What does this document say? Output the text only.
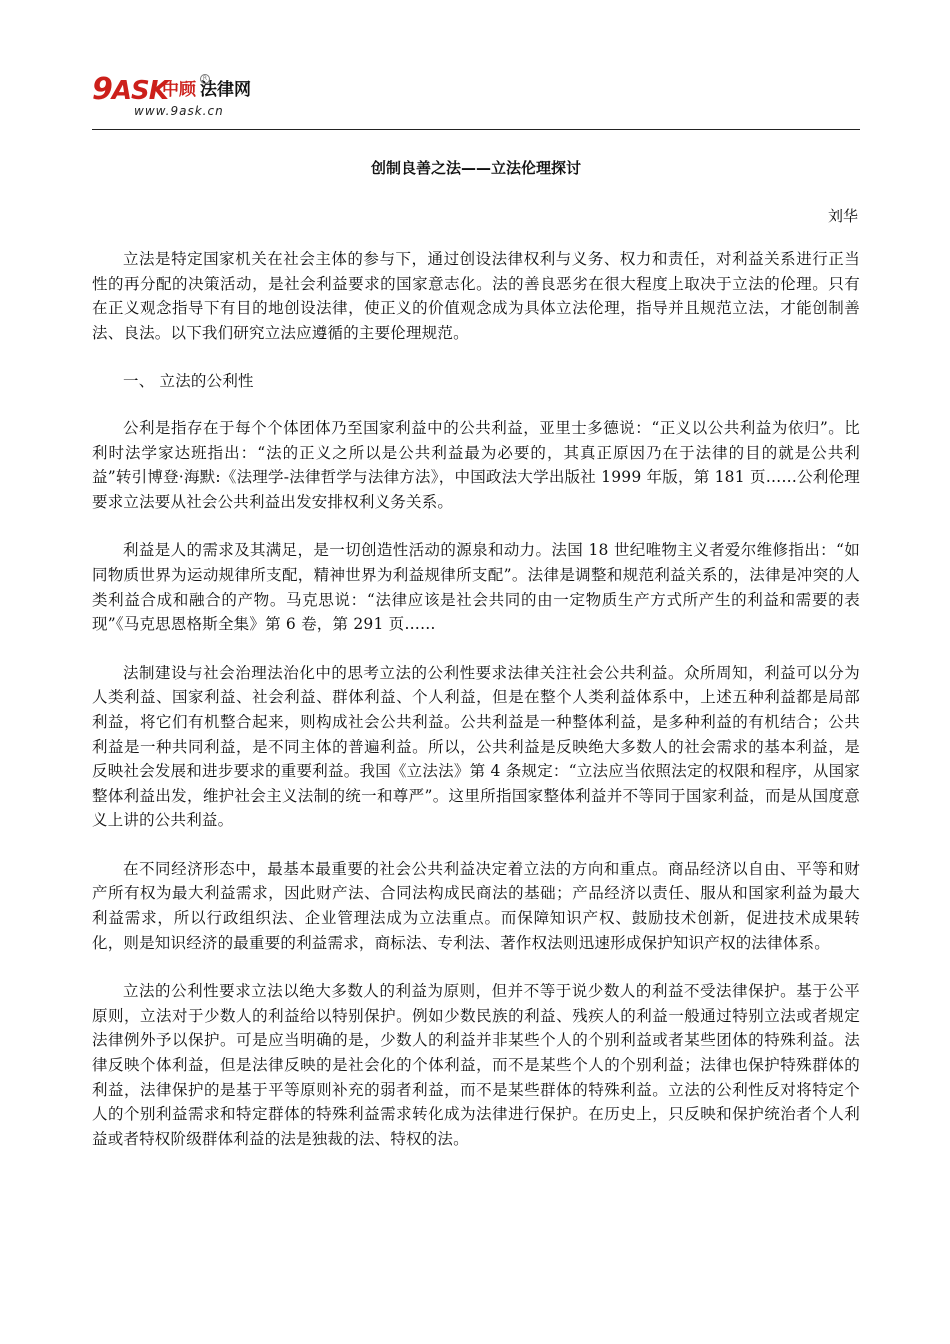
9ASK
中顾 法律网
R
www.9ask.cn
创制良善之法——立法伦理探讨
刘华

立法是特定国家机关在社会主体的参与下，通过创设法律权利与义务、权力和责任，对利益关系进行正当性的再分配的决策活动，是社会利益要求的国家意志化。法的善良恶劣在很大程度上取决于立法的伦理。只有在正义观念指导下有目的地创设法律，使正义的价值观念成为具体立法伦理，指导并且规范立法，才能创制善法、良法。以下我们研究立法应遵循的主要伦理规范。

一、 立法的公利性

公利是指存在于每个个体团体乃至国家利益中的公共利益，亚里士多德说：“正义以公共利益为依归”。比利时法学家达班指出：“法的正义之所以是公共利益最为必要的，其真正原因乃在于法律的目的就是公共利益”转引博登·海默:《法理学-法律哲学与法律方法》，中国政法大学出版社 1999 年版，第 181 页……公利伦理要求立法要从社会公共利益出发安排权利义务关系。

利益是人的需求及其满足，是一切创造性活动的源泉和动力。法国 18 世纪唯物主义者爱尔维修指出：“如同物质世界为运动规律所支配，精神世界为利益规律所支配”。法律是调整和规范利益关系的，法律是冲突的人类利益合成和融合的产物。马克思说：“法律应该是社会共同的由一定物质生产方式所产生的利益和需要的表现”《马克思恩格斯全集》第 6 卷，第 291 页……

法制建设与社会治理法治化中的思考立法的公利性要求法律关注社会公共利益。众所周知，利益可以分为人类利益、国家利益、社会利益、群体利益、个人利益，但是在整个人类利益体系中，上述五种利益都是局部利益，将它们有机整合起来，则构成社会公共利益。公共利益是一种整体利益，是多种利益的有机结合；公共利益是一种共同利益，是不同主体的普遍利益。所以，公共利益是反映绝大多数人的社会需求的基本利益，是反映社会发展和进步要求的重要利益。我国《立法法》第 4 条规定：“立法应当依照法定的权限和程序，从国家整体利益出发，维护社会主义法制的统一和尊严”。这里所指国家整体利益并不等同于国家利益，而是从国度意义上讲的公共利益。

在不同经济形态中，最基本最重要的社会公共利益决定着立法的方向和重点。商品经济以自由、平等和财产所有权为最大利益需求，因此财产法、合同法构成民商法的基础；产品经济以责任、服从和国家利益为最大利益需求，所以行政组织法、企业管理法成为立法重点。而保障知识产权、鼓励技术创新，促进技术成果转化，则是知识经济的最重要的利益需求，商标法、专利法、著作权法则迅速形成保护知识产权的法律体系。

立法的公利性要求立法以绝大多数人的利益为原则，但并不等于说少数人的利益不受法律保护。基于公平原则，立法对于少数人的利益给以特别保护。例如少数民族的利益、残疾人的利益一般通过特别立法或者规定法律例外予以保护。可是应当明确的是，少数人的利益并非某些个人的个别利益或者某些团体的特殊利益。法律反映个体利益，但是法律反映的是社会化的个体利益，而不是某些个人的个别利益；法律也保护特殊群体的利益，法律保护的是基于平等原则补充的弱者利益，而不是某些群体的特殊利益。立法的公利性反对将特定个人的个别利益需求和特定群体的特殊利益需求转化成为法律进行保护。在历史上，只反映和保护统治者个人利益或者特权阶级群体利益的法是独裁的法、特权的法。
